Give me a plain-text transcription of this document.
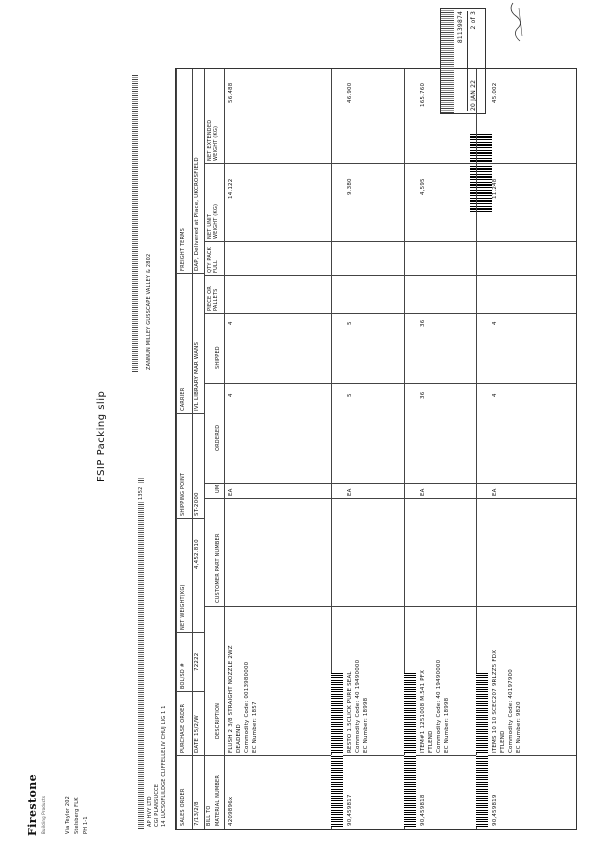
Firestone Building Products	Via Teylor 202 Stelsberg FLK PH 1-1
FSIP Packing slip
81139874
20 JAN 22
2 of 3
1352
AP HVY LTD CGI PLANSUCCE 14 LUCSOFLILDGE CLIFFELLELIV CHUJ LIG 1 1
ZANNUN MILLEY GUSSCAPE VALLEY & 2802
SALES ORDER 7/13/2/8
PURCHASE ORDER DATE 15/2/W
BOL/SD #
72222
NET WEIGHT(KG)
4,452.810
SHIPPING POINT ST-2000
CARRIER IVL LIBRARY MAR WANS
FREIGHT TERMS DAP, Delivered at Place, UKCROSFIELD
BILL TO MATERIAL NUMBER
DESCRIPTION
CUSTOMER PART NUMBER
UM
ORDERED
SHIPPED
PIECE OR PALLETS
QTY PACK FULL
NET UNIT WEIGHT (KG)
NET EXTENDED WEIGHT (KG)
4209896x
FLUSH 2 3/8 STRAIGHT NOZZLE 2WZ DEADEND Commodity Code: 0013980000 EC Number: 1857
EA
4
4
14.122
56.488
90,459817
RESTO 1.5CLICK PURE SEAL Commodity Code: 40 19490000 EC Number: 18998
EA
5
5
9.380
46.900
90,459818
ITEM#1 1251008 M.541 PFX FTLEND Commodity Code: 40 19490000 EC Number: 18998
EA
36
36
4,595
165.760
90,459819
ITEMS 10 10 SCEC207 9RLZZ5 FDX FTLEND Commodity Code: 40197900 EC Number: 9820
EA
4
4
11.248
45.002
